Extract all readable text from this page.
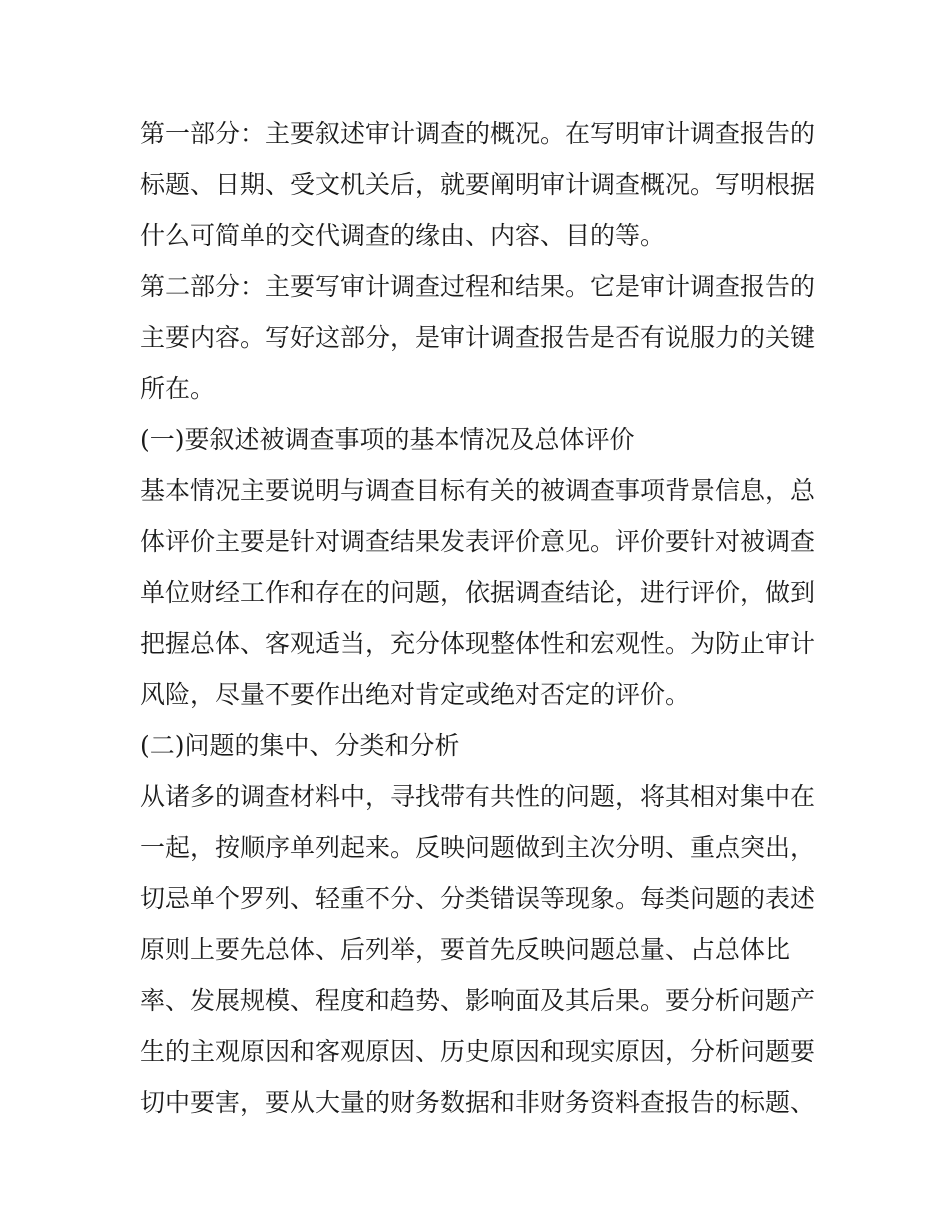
第一部分：主要叙述审计调查的概况。在写明审计调查报告的
标题、日期、受文机关后，就要阐明审计调查概况。写明根据
什么可简单的交代调查的缘由、内容、目的等。
第二部分：主要写审计调查过程和结果。它是审计调查报告的
主要内容。写好这部分，是审计调查报告是否有说服力的关键
所在。
(一)要叙述被调查事项的基本情况及总体评价
基本情况主要说明与调查目标有关的被调查事项背景信息，总
体评价主要是针对调查结果发表评价意见。评价要针对被调查
单位财经工作和存在的问题，依据调查结论，进行评价，做到
把握总体、客观适当，充分体现整体性和宏观性。为防止审计
风险，尽量不要作出绝对肯定或绝对否定的评价。
(二)问题的集中、分类和分析
从诸多的调查材料中，寻找带有共性的问题，将其相对集中在
一起，按顺序单列起来。反映问题做到主次分明、重点突出，
切忌单个罗列、轻重不分、分类错误等现象。每类问题的表述
原则上要先总体、后列举，要首先反映问题总量、占总体比
率、发展规模、程度和趋势、影响面及其后果。要分析问题产
生的主观原因和客观原因、历史原因和现实原因，分析问题要
切中要害，要从大量的财务数据和非财务资料查报告的标题、
